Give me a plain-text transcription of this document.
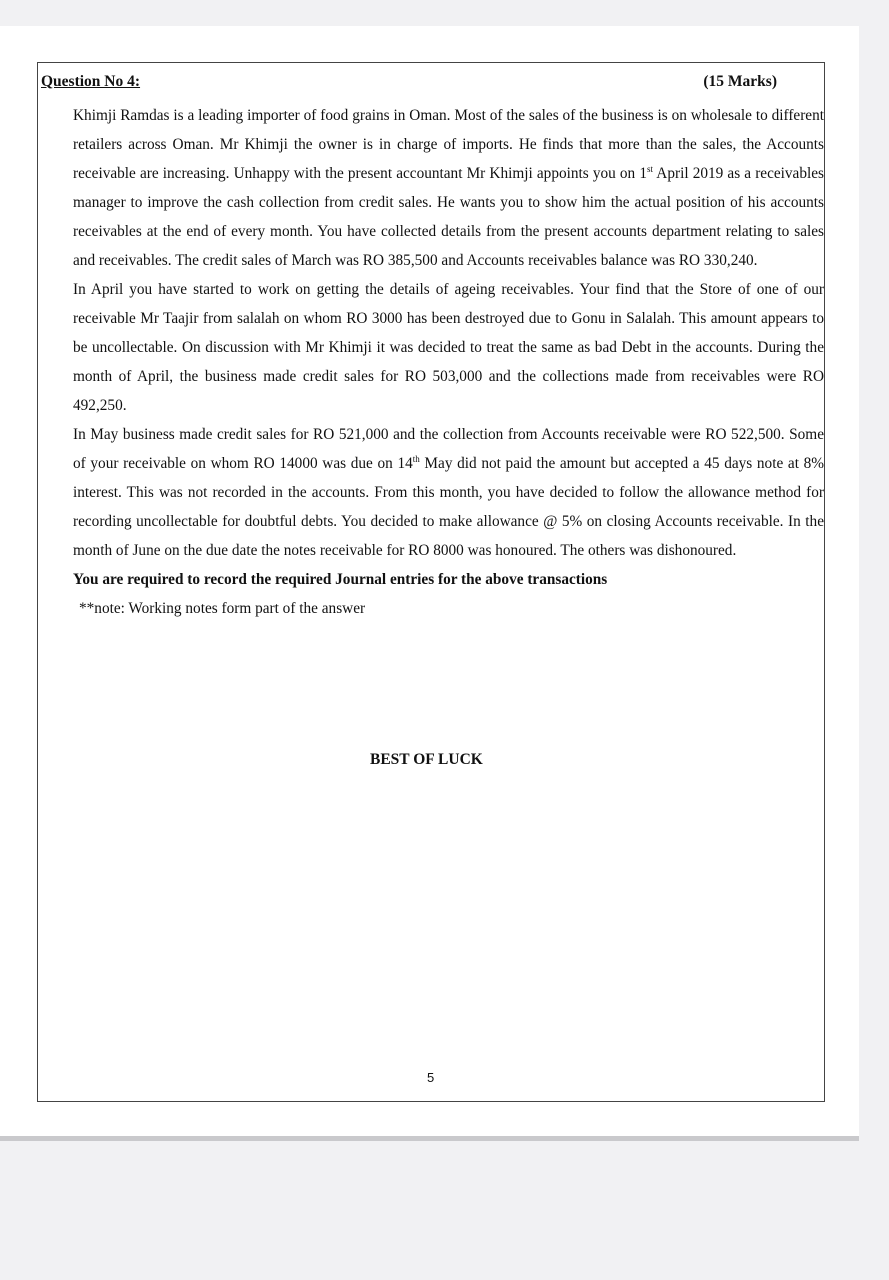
Question No 4:	(15 Marks)

Khimji Ramdas is a leading importer of food grains in Oman. Most of the sales of the business is on wholesale to different retailers across Oman. Mr Khimji the owner is in charge of imports. He finds that more than the sales, the Accounts receivable are increasing. Unhappy with the present accountant Mr Khimji appoints you on 1st April 2019 as a receivables manager to improve the cash collection from credit sales. He wants you to show him the actual position of his accounts receivables at the end of every month. You have collected details from the present accounts department relating to sales and receivables. The credit sales of March was RO 385,500 and Accounts receivables balance was RO 330,240.

In April you have started to work on getting the details of ageing receivables. Your find that the Store of one of our receivable Mr Taajir from salalah on whom RO 3000 has been destroyed due to Gonu in Salalah. This amount appears to be uncollectable. On discussion with Mr Khimji it was decided to treat the same as bad Debt in the accounts. During the month of April, the business made credit sales for RO 503,000 and the collections made from receivables were RO 492,250.

In May business made credit sales for RO 521,000 and the collection from Accounts receivable were RO 522,500. Some of your receivable on whom RO 14000 was due on 14th May did not paid the amount but accepted a 45 days note at 8% interest. This was not recorded in the accounts. From this month, you have decided to follow the allowance method for recording uncollectable for doubtful debts. You decided to make allowance @ 5% on closing Accounts receivable. In the month of June on the due date the notes receivable for RO 8000 was honoured. The others was dishonoured.

You are required to record the required Journal entries for the above transactions

**note: Working notes form part of the answer

BEST OF LUCK
5
